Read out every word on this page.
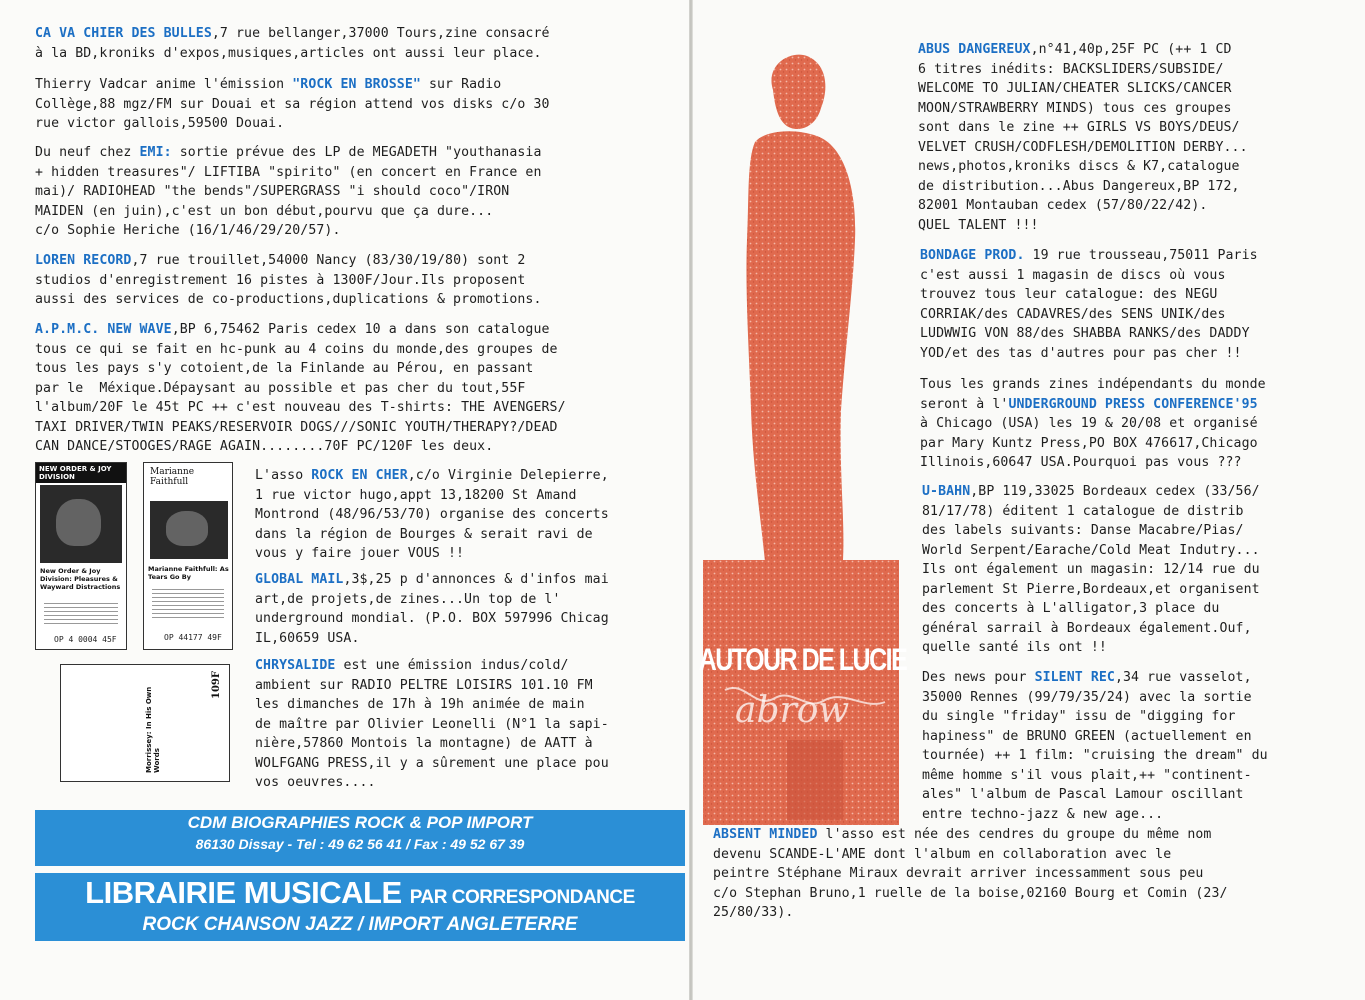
CA VA CHIER DES BULLES,7 rue bellanger,37000 Tours,zine consacré

à la BD,kroniks d'expos,musiques,articles ont aussi leur place.

Thierry Vadcar anime l'émission "ROCK EN BROSSE" sur Radio

Collège,88 mgz/FM sur Douai et sa région attend vos disks c/o 30

rue victor gallois,59500 Douai.

Du neuf chez EMI: sortie prévue des LP de MEGADETH "youthanasia

+ hidden treasures"/ LIFTIBA "spirito" (en concert en France en

mai)/ RADIOHEAD "the bends"/SUPERGRASS "i should coco"/IRON

MAIDEN (en juin),c'est un bon début,pourvu que ça dure...

c/o Sophie Heriche (16/1/46/29/20/57).

LOREN RECORD,7 rue trouillet,54000 Nancy (83/30/19/80) sont 2

studios d'enregistrement 16 pistes à 1300F/Jour.Ils proposent

aussi des services de co-productions,duplications & promotions.

A.P.M.C. NEW WAVE,BP 6,75462 Paris cedex 10 a dans son catalogue

tous ce qui se fait en hc-punk au 4 coins du monde,des groupes de

tous les pays s'y cotoient,de la Finlande au Pérou, en passant

par le  Méxique.Dépaysant au possible et pas cher du tout,55F

l'album/20F le 45t PC ++ c'est nouveau des T-shirts: THE AVENGERS/

TAXI DRIVER/TWIN PEAKS/RESERVOIR DOGS///SONIC YOUTH/THERAPY?/DEAD

CAN DANCE/STOOGES/RAGE AGAIN........70F PC/120F les deux.

NEW ORDER & JOY DIVISION
New Order & Joy Division: Pleasures & Wayward Distractions
OP 4 0004 45F
Marianne Faithfull
Marianne Faithfull: As Tears Go By
OP 44177 49F
Morrissey: In His Own Words
109F

L'asso ROCK EN CHER,c/o Virginie Delepierre,

1 rue victor hugo,appt 13,18200 St Amand

Montrond (48/96/53/70) organise des concerts

dans la région de Bourges & serait ravi de

vous y faire jouer VOUS !!

GLOBAL MAIL,3$,25 p d'annonces & d'infos mai

art,de projets,de zines...Un top de l'

underground mondial. (P.O. BOX 597996 Chicag

IL,60659 USA.

CHRYSALIDE est une émission indus/cold/

ambient sur RADIO PELTRE LOISIRS 101.10 FM

les dimanches de 17h à 19h animée de main

de maître par Olivier Leonelli (N°1 la sapi-

nière,57860 Montois la montagne) de AATT à

WOLFGANG PRESS,il y a sûrement une place pou

vos oeuvres....

CDM BIOGRAPHIES ROCK & POP IMPORT
86130 Dissay - Tel : 49 62 56 41 / Fax : 49 52 67 39
LIBRAIRIE MUSICALE PAR CORRESPONDANCE
ROCK CHANSON JAZZ / IMPORT ANGLETERRE

ABUS DANGEREUX,n°41,40p,25F PC (++ 1 CD

6 titres inédits: BACKSLIDERS/SUBSIDE/

WELCOME TO JULIAN/CHEATER SLICKS/CANCER

MOON/STRAWBERRY MINDS) tous ces groupes

sont dans le zine ++ GIRLS VS BOYS/DEUS/

VELVET CRUSH/CODFLESH/DEMOLITION DERBY...

news,photos,kroniks discs & K7,catalogue

de distribution...Abus Dangereux,BP 172,

82001 Montauban cedex (57/80/22/42).

QUEL TALENT !!!

BONDAGE PROD. 19 rue trousseau,75011 Paris

c'est aussi 1 magasin de discs où vous

trouvez tous leur catalogue: des NEGU

CORRIAK/des CADAVRES/des SENS UNIK/des

LUDWWIG VON 88/des SHABBA RANKS/des DADDY

YOD/et des tas d'autres pour pas cher !!

Tous les grands zines indépendants du monde

seront à l'UNDERGROUND PRESS CONFERENCE'95

à Chicago (USA) les 19 & 20/08 et organisé

par Mary Kuntz Press,PO BOX 476617,Chicago

Illinois,60647 USA.Pourquoi pas vous ???

U-BAHN,BP 119,33025 Bordeaux cedex (33/56/

81/17/78) éditent 1 catalogue de distrib

des labels suivants: Danse Macabre/Pias/

World Serpent/Earache/Cold Meat Indutry...

Ils ont également un magasin: 12/14 rue du

parlement St Pierre,Bordeaux,et organisent

des concerts à L'alligator,3 place du

général sarrail à Bordeaux également.Ouf,

quelle santé ils ont !!

Des news pour SILENT REC,34 rue vasselot,

35000 Rennes (99/79/35/24) avec la sortie

du single "friday" issu de "digging for

hapiness" de BRUNO GREEN (actuellement en

tournée) ++ 1 film: "cruising the dream" du

même homme s'il vous plait,++ "continent-

ales" l'album de Pascal Lamour oscillant

entre techno-jazz & new age...

ABSENT MINDED l'asso est née des cendres du groupe du même nom

devenu SCANDE-L'AME dont l'album en collaboration avec le

peintre Stéphane Miraux devrait arriver incessamment sous peu

c/o Stephan Bruno,1 ruelle de la boise,02160 Bourg et Comin (23/

25/80/33).

AUTOUR DE LUCIE
abrow
